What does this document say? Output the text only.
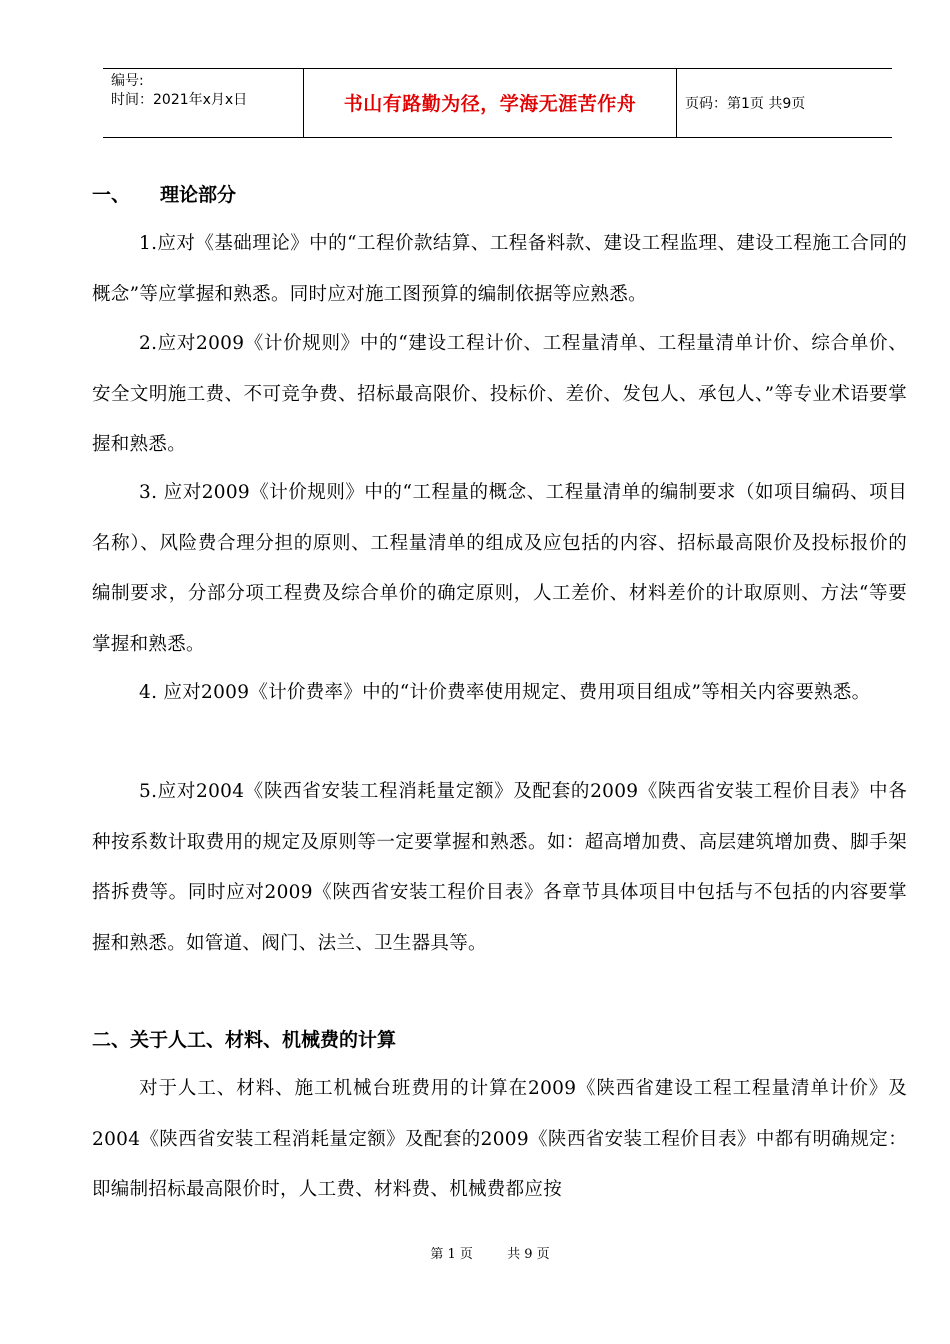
编号:
时间：2021年x月x日	书山有路勤为径，学海无涯苦作舟	页码：第1页 共9页
一、 理论部分
1.应对《基础理论》中的“工程价款结算、工程备料款、建设工程监理、建设工程施工合同的概念”等应掌握和熟悉。同时应对施工图预算的编制依据等应熟悉。
2.应对2009《计价规则》中的“建设工程计价、工程量清单、工程量清单计价、综合单价、安全文明施工费、不可竞争费、招标最高限价、投标价、差价、发包人、承包人、”等专业术语要掌握和熟悉。
3. 应对2009《计价规则》中的“工程量的概念、工程量清单的编制要求（如项目编码、项目名称）、风险费合理分担的原则、工程量清单的组成及应包括的内容、招标最高限价及投标报价的编制要求，分部分项工程费及综合单价的确定原则，人工差价、材料差价的计取原则、方法“等要掌握和熟悉。
4. 应对2009《计价费率》中的“计价费率使用规定、费用项目组成”等相关内容要熟悉。
5.应对2004《陕西省安装工程消耗量定额》及配套的2009《陕西省安装工程价目表》中各种按系数计取费用的规定及原则等一定要掌握和熟悉。如：超高增加费、高层建筑增加费、脚手架搭拆费等。同时应对2009《陕西省安装工程价目表》各章节具体项目中包括与不包括的内容要掌握和熟悉。如管道、阀门、法兰、卫生器具等。
二、关于人工、材料、机械费的计算
对于人工、材料、施工机械台班费用的计算在2009《陕西省建设工程工程量清单计价》及2004《陕西省安装工程消耗量定额》及配套的2009《陕西省安装工程价目表》中都有明确规定：即编制招标最高限价时，人工费、材料费、机械费都应按
第 1 页	共 9 页
